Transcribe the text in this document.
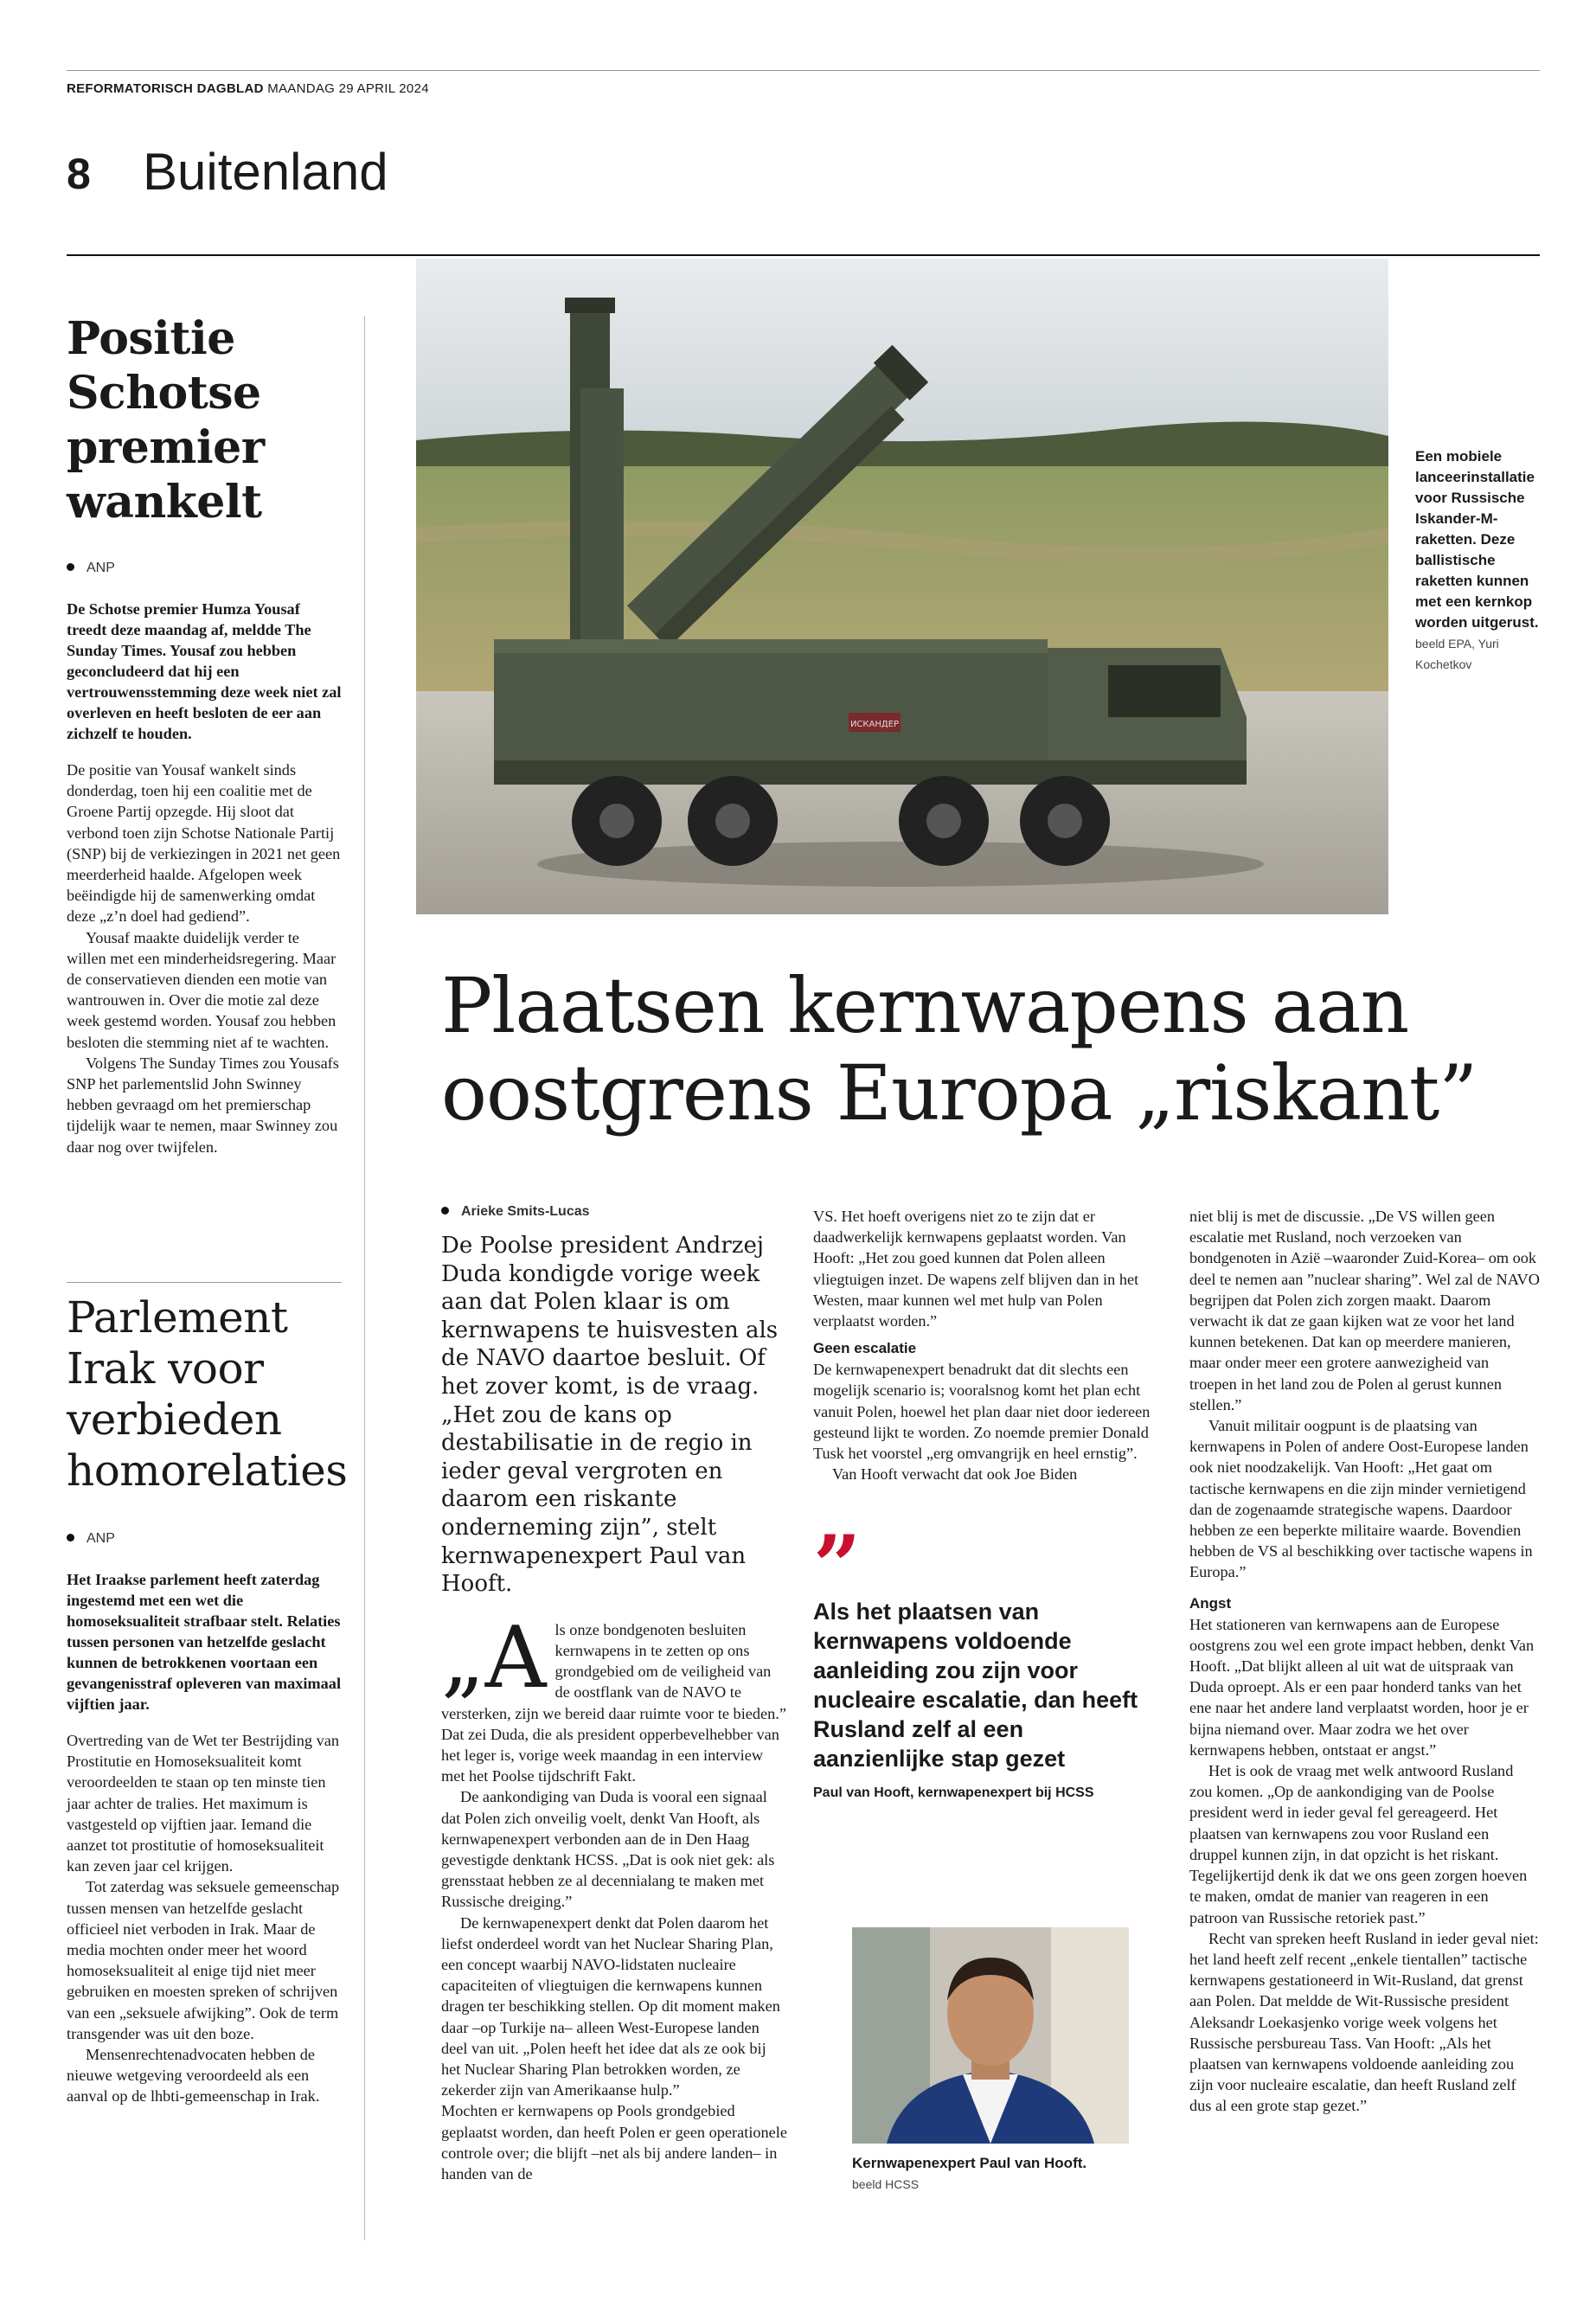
REFORMATORISCH DAGBLAD MAANDAG 29 APRIL 2024
8 Buitenland
Positie Schotse premier wankelt

ANP

De Schotse premier Humza Yousaf treedt deze maandag af, meldde The Sunday Times. Yousaf zou hebben geconcludeerd dat hij een vertrouwensstemming deze week niet zal overleven en heeft besloten de eer aan zichzelf te houden.

De positie van Yousaf wankelt sinds donderdag, toen hij een coalitie met de Groene Partij opzegde. Hij sloot dat verbond toen zijn Schotse Nationale Partij (SNP) bij de verkiezingen in 2021 net geen meerderheid haalde. Afgelopen week beëindigde hij de samenwerking omdat deze „z’n doel had gediend”.

Yousaf maakte duidelijk verder te willen met een minderheidsregering. Maar de conservatieven dienden een motie van wantrouwen in. Over die motie zal deze week gestemd worden. Yousaf zou hebben besloten die stemming niet af te wachten.

Volgens The Sunday Times zou Yousafs SNP het parlementslid John Swinney hebben gevraagd om het premierschap tijdelijk waar te nemen, maar Swinney zou daar nog over twijfelen.

Parlement Irak voor verbieden homorelaties

ANP

Het Iraakse parlement heeft zaterdag ingestemd met een wet die homoseksualiteit strafbaar stelt. Relaties tussen personen van hetzelfde geslacht kunnen de betrokkenen voortaan een gevangenisstraf opleveren van maximaal vijftien jaar.

Overtreding van de Wet ter Bestrijding van Prostitutie en Homoseksualiteit komt veroordeelden te staan op ten minste tien jaar achter de tralies. Het maximum is vastgesteld op vijftien jaar. Iemand die aanzet tot prostitutie of homoseksualiteit kan zeven jaar cel krijgen.

Tot zaterdag was seksuele gemeenschap tussen mensen van hetzelfde geslacht officieel niet verboden in Irak. Maar de media mochten onder meer het woord homoseksualiteit al enige tijd niet meer gebruiken en moesten spreken of schrijven van een „seksuele afwijking”. Ook de term transgender was uit den boze.

Mensenrechtenadvocaten hebben de nieuwe wetgeving veroordeeld als een aanval op de lhbti-gemeenschap in Irak.

ИСКАНДЕР
Een mobiele lanceerinstallatie voor Russische Iskander-M-raketten. Deze ballistische raketten kunnen met een kernkop worden uitgerust. beeld EPA, Yuri Kochetkov
Plaatsen kernwapens aan oostgrens Europa „riskant”

Arieke Smits-Lucas

De Poolse president Andrzej Duda kondigde vorige week aan dat Polen klaar is om kernwapens te huisvesten als de NAVO daartoe besluit. Of het zover komt, is de vraag. „Het zou de kans op destabilisatie in de regio in ieder geval vergroten en daarom een riskante onderneming zijn”, stelt kernwapenexpert Paul van Hooft.

„Als onze bondgenoten besluiten kernwapens in te zetten op ons grondgebied om de veiligheid van de oostflank van de NAVO te versterken, zijn we bereid daar ruimte voor te bieden.” Dat zei Duda, die als president opperbevelhebber van het leger is, vorige week maandag in een interview met het Poolse tijdschrift Fakt.

De aankondiging van Duda is vooral een signaal dat Polen zich onveilig voelt, denkt Van Hooft, als kernwapenexpert verbonden aan de in Den Haag gevestigde denktank HCSS. „Dat is ook niet gek: als grensstaat hebben ze al decennialang te maken met Russische dreiging.”

De kernwapenexpert denkt dat Polen daarom het liefst onderdeel wordt van het Nuclear Sharing Plan, een concept waarbij NAVO-lidstaten nucleaire capaciteiten of vliegtuigen die kernwapens kunnen dragen ter beschikking stellen. Op dit moment maken daar –op Turkije na– alleen West-Europese landen deel van uit. „Polen heeft het idee dat als ze ook bij het Nuclear Sharing Plan betrokken worden, ze zekerder zijn van Amerikaanse hulp.”

Mochten er kernwapens op Pools grondgebied geplaatst worden, dan heeft Polen er geen operationele controle over; die blijft –net als bij andere landen– in handen van de

VS. Het hoeft overigens niet zo te zijn dat er daadwerkelijk kernwapens geplaatst worden. Van Hooft: „Het zou goed kunnen dat Polen alleen vliegtuigen inzet. De wapens zelf blijven dan in het Westen, maar kunnen wel met hulp van Polen verplaatst worden.”

Geen escalatie

De kernwapenexpert benadrukt dat dit slechts een mogelijk scenario is; vooralsnog komt het plan echt vanuit Polen, hoewel het plan daar niet door iedereen gesteund lijkt te worden. Zo noemde premier Donald Tusk het voorstel „erg omvangrijk en heel ernstig”.

Van Hooft verwacht dat ook Joe Biden

”

Als het plaatsen van kernwapens voldoende aanleiding zou zijn voor nucleaire escalatie, dan heeft Rusland zelf al een aanzienlijke stap gezet

Paul van Hooft, kernwapenexpert bij HCSS

Kernwapenexpert Paul van Hooft.
beeld HCSS

niet blij is met de discussie. „De VS willen geen escalatie met Rusland, noch verzoeken van bondgenoten in Azië –waaronder Zuid-Korea– om ook deel te nemen aan ”nuclear sharing”. Wel zal de NAVO begrijpen dat Polen zich zorgen maakt. Daarom verwacht ik dat ze gaan kijken wat ze voor het land kunnen betekenen. Dat kan op meerdere manieren, maar onder meer een grotere aanwezigheid van troepen in het land zou de Polen al gerust kunnen stellen.”

Vanuit militair oogpunt is de plaatsing van kernwapens in Polen of andere Oost-Europese landen ook niet noodzakelijk. Van Hooft: „Het gaat om tactische kernwapens en die zijn minder vernietigend dan de zogenaamde strategische wapens. Daardoor hebben ze een beperkte militaire waarde. Bovendien hebben de VS al beschikking over tactische wapens in Europa.”

Angst

Het stationeren van kernwapens aan de Europese oostgrens zou wel een grote impact hebben, denkt Van Hooft. „Dat blijkt alleen al uit wat de uitspraak van Duda oproept. Als er een paar honderd tanks van het ene naar het andere land verplaatst worden, hoor je er bijna niemand over. Maar zodra we het over kernwapens hebben, ontstaat er angst.”

Het is ook de vraag met welk antwoord Rusland zou komen. „Op de aankondiging van de Poolse president werd in ieder geval fel gereageerd. Het plaatsen van kernwapens zou voor Rusland een druppel kunnen zijn, in dat opzicht is het riskant. Tegelijkertijd denk ik dat we ons geen zorgen hoeven te maken, omdat de manier van reageren in een patroon van Russische retoriek past.”

Recht van spreken heeft Rusland in ieder geval niet: het land heeft zelf recent „enkele tientallen” tactische kernwapens gestationeerd in Wit-Rusland, dat grenst aan Polen. Dat meldde de Wit-Russische president Aleksandr Loekasjenko vorige week volgens het Russische persbureau Tass. Van Hooft: „Als het plaatsen van kernwapens voldoende aanleiding zou zijn voor nucleaire escalatie, dan heeft Rusland zelf dus al een grote stap gezet.”
